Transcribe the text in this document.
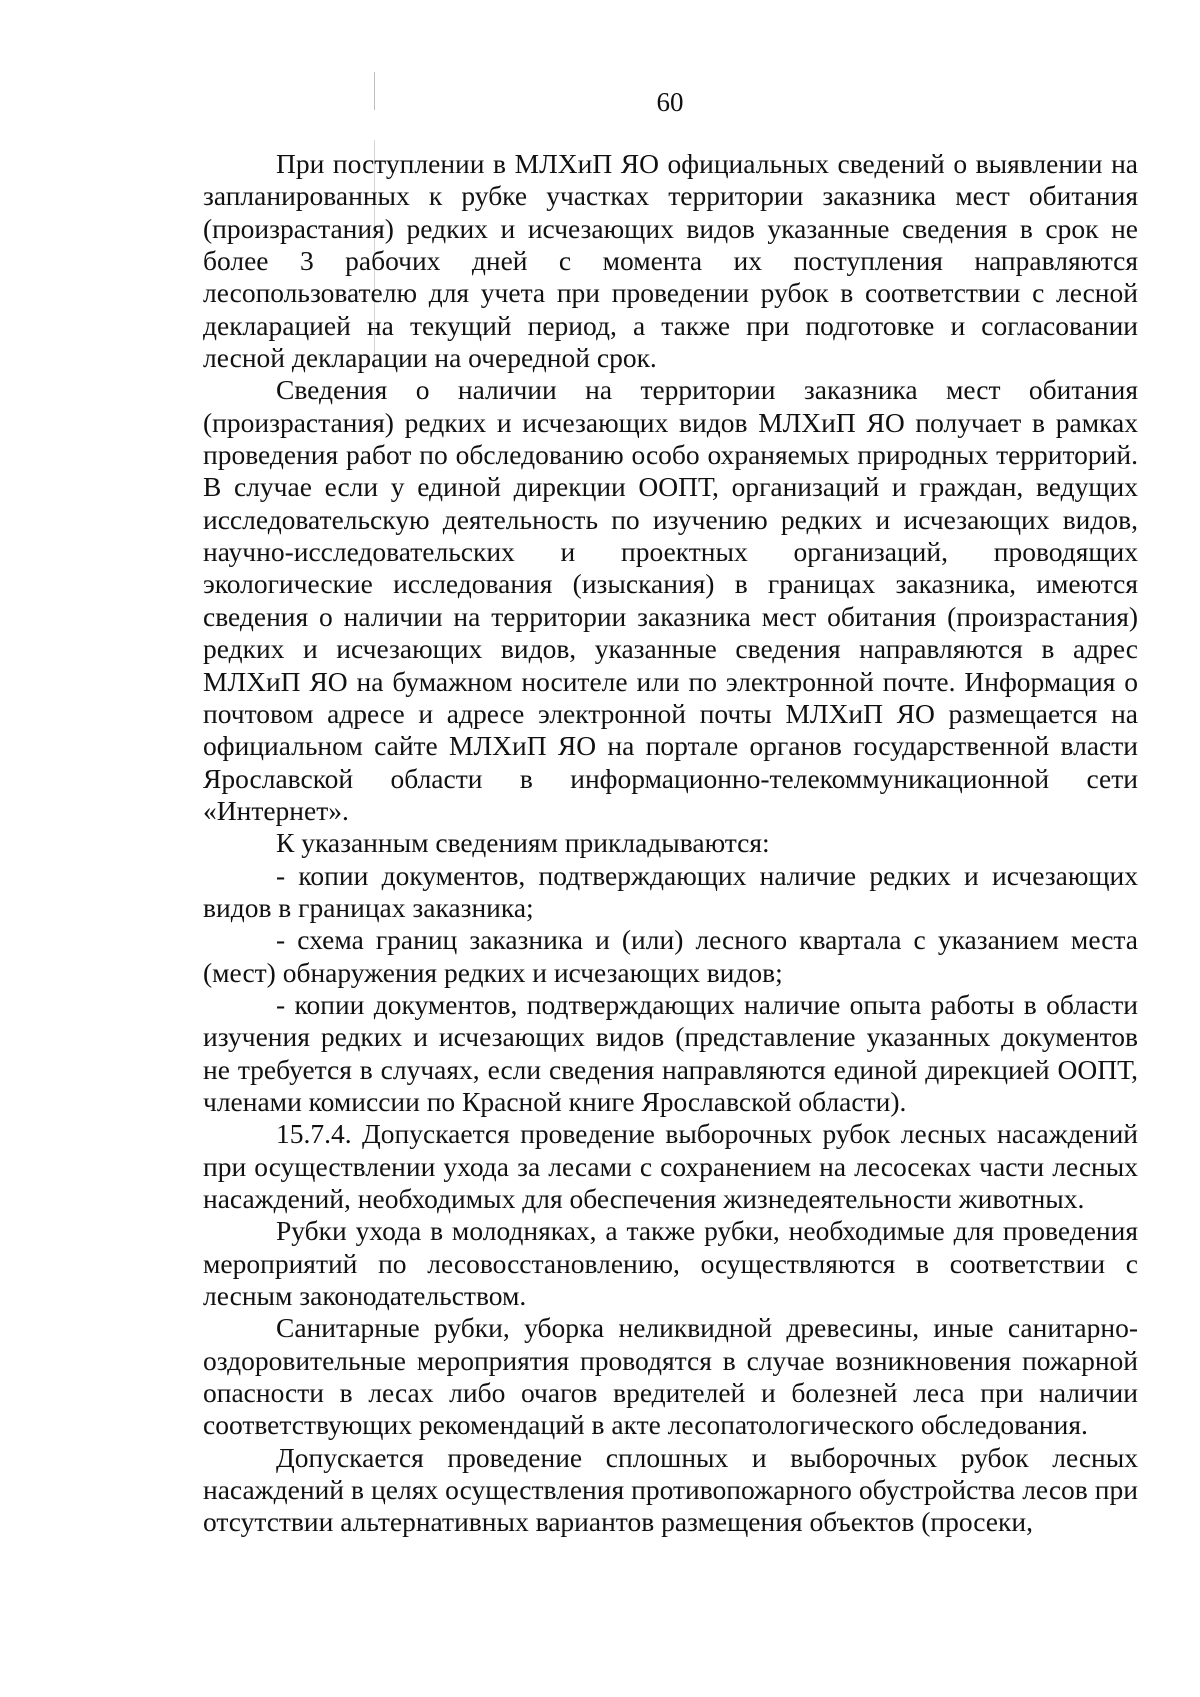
60

При поступлении в МЛХиП ЯО официальных сведений о выявлении на запланированных к рубке участках территории заказника мест обитания (произрастания) редких и исчезающих видов указанные сведения в срок не более 3 рабочих дней с момента их поступления направляются лесопользователю для учета при проведении рубок в соответствии с лесной декларацией на текущий период, а также при подготовке и согласовании лесной декларации на очередной срок.

Сведения о наличии на территории заказника мест обитания (произрастания) редких и исчезающих видов МЛХиП ЯО получает в рамках проведения работ по обследованию особо охраняемых природных территорий. В случае если у единой дирекции ООПТ, организаций и граждан, ведущих исследовательскую деятельность по изучению редких и исчезающих видов, научно-исследовательских и проектных организаций, проводящих экологические исследования (изыскания) в границах заказника, имеются сведения о наличии на территории заказника мест обитания (произрастания) редких и исчезающих видов, указанные сведения направляются в адрес МЛХиП ЯО на бумажном носителе или по электронной почте. Информация о почтовом адресе и адресе электронной почты МЛХиП ЯО размещается на официальном сайте МЛХиП ЯО на портале органов государственной власти Ярославской области в информационно-телекоммуникационной сети «Интернет».

К указанным сведениям прикладываются:

- копии документов, подтверждающих наличие редких и исчезающих видов в границах заказника;

- схема границ заказника и (или) лесного квартала с указанием места (мест) обнаружения редких и исчезающих видов;

- копии документов, подтверждающих наличие опыта работы в области изучения редких и исчезающих видов (представление указанных документов не требуется в случаях, если сведения направляются единой дирекцией ООПТ, членами комиссии по Красной книге Ярославской области).

15.7.4. Допускается проведение выборочных рубок лесных насаждений при осуществлении ухода за лесами с сохранением на лесосеках части лесных насаждений, необходимых для обеспечения жизнедеятельности животных.

Рубки ухода в молодняках, а также рубки, необходимые для проведения мероприятий по лесовосстановлению, осуществляются в соответствии с лесным законодательством.

Санитарные рубки, уборка неликвидной древесины, иные санитарно-оздоровительные мероприятия проводятся в случае возникновения пожарной опасности в лесах либо очагов вредителей и болезней леса при наличии соответствующих рекомендаций в акте лесопатологического обследования.

Допускается проведение сплошных и выборочных рубок лесных насаждений в целях осуществления противопожарного обустройства лесов при отсутствии альтернативных вариантов размещения объектов (просеки,
